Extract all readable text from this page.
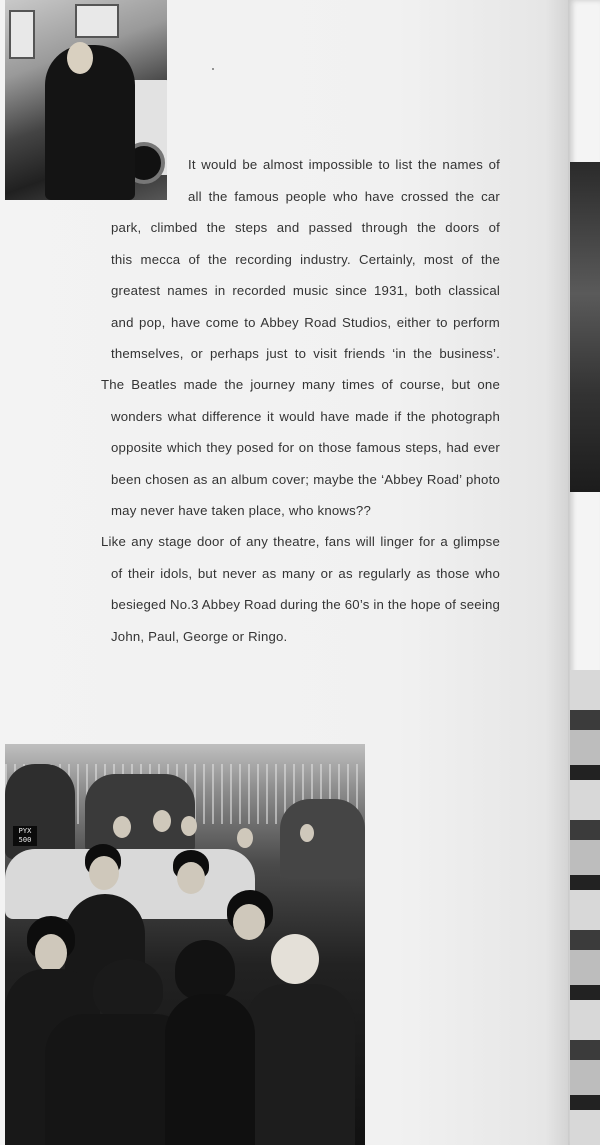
It would be almost impossible to list the names of
all the famous people who have crossed the car
park, climbed the steps and passed through the doors of
this mecca of the recording industry. Certainly, most of the
greatest names in recorded music since 1931, both classical
and pop, have come to Abbey Road Studios, either to perform
themselves, or perhaps just to visit friends ‘in the business’.
The Beatles made the journey many times of course, but one
wonders what difference it would have made if the photograph
opposite which they posed for on those famous steps, had ever
been chosen as an album cover; maybe the ‘Abbey Road’ photo
may never have taken place, who knows??
Like any stage door of any theatre, fans will linger for a glimpse
of their idols, but never as many or as regularly as those who
besieged No.3 Abbey Road during the 60’s in the hope of seeing
John, Paul, George or Ringo.
PYX 500
